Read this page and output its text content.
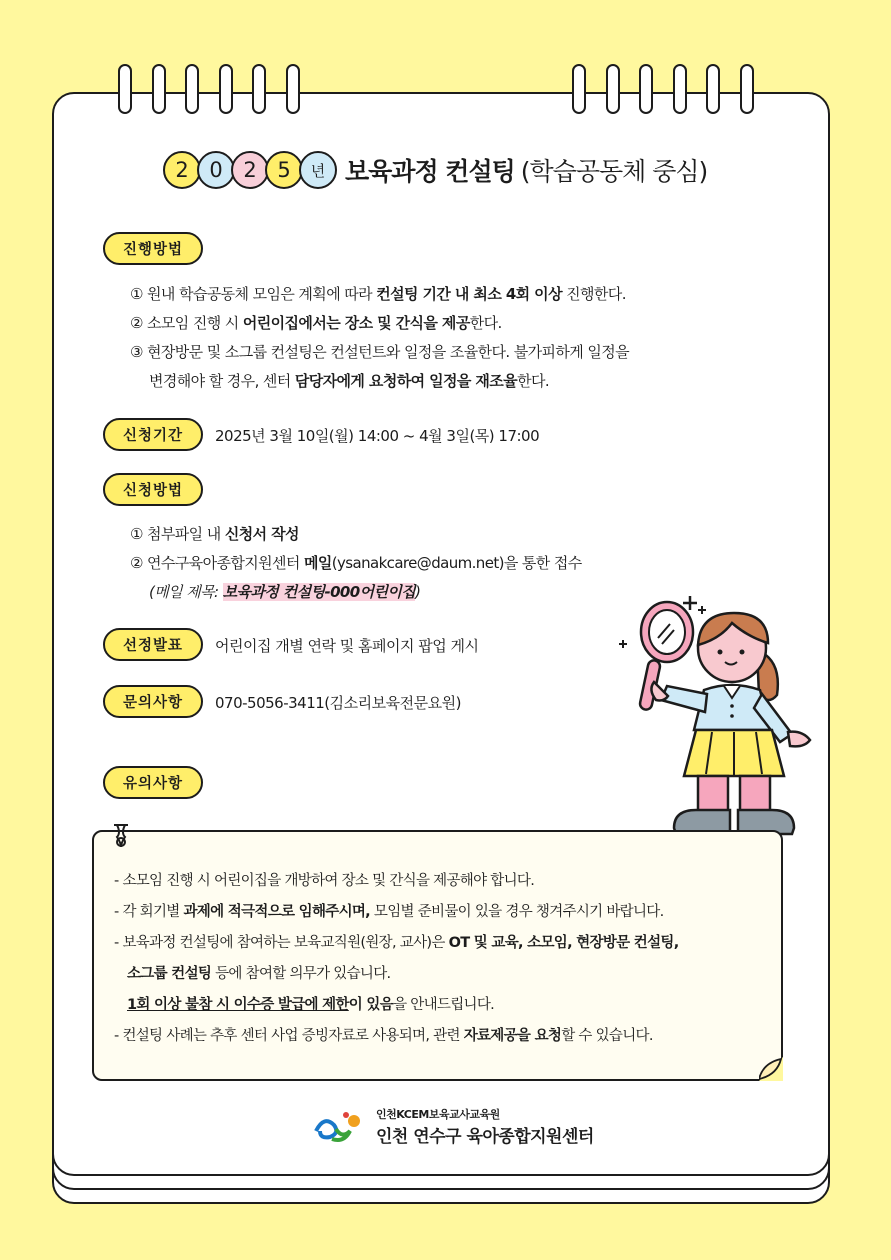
2 0 2 5	년 보육과정 컨설팅 (학습공동체 중심)
진행방법
① 원내 학습공동체 모임은 계획에 따라 컨설팅 기간 내 최소 4회 이상 진행한다.
② 소모임 진행 시 어린이집에서는 장소 및 간식을 제공한다.
③ 현장방문 및 소그룹 컨설팅은 컨설턴트와 일정을 조율한다. 불가피하게 일정을
변경해야 할 경우, 센터 담당자에게 요청하여 일정을 재조율한다.
신청기간	2025년 3월 10일(월) 14:00 ~ 4월 3일(목) 17:00
신청방법
① 첨부파일 내 신청서 작성
② 연수구육아종합지원센터 메일(ysanakcare@daum.net)을 통한 접수
(메일 제목: 보육과정 컨설팅-000어린이집)
선정발표	어린이집 개별 연락 및 홈페이지 팝업 게시
문의사항	070-5056-3411(김소리보육전문요원)
유의사항
- 소모임 진행 시 어린이집을 개방하여 장소 및 간식을 제공해야 합니다.
- 각 회기별 과제에 적극적으로 임해주시며, 모임별 준비물이 있을 경우 챙겨주시기 바랍니다.
- 보육과정 컨설팅에 참여하는 보육교직원(원장, 교사)은 OT 및 교육, 소모임, 현장방문 컨설팅,
소그룹 컨설팅 등에 참여할 의무가 있습니다.
1회 이상 불참 시 이수증 발급에 제한이 있음을 안내드립니다.
- 컨설팅 사례는 추후 센터 사업 증빙자료로 사용되며, 관련 자료제공을 요청할 수 있습니다.
인천KCEM보육교사교육원
인천 연수구 육아종합지원센터
